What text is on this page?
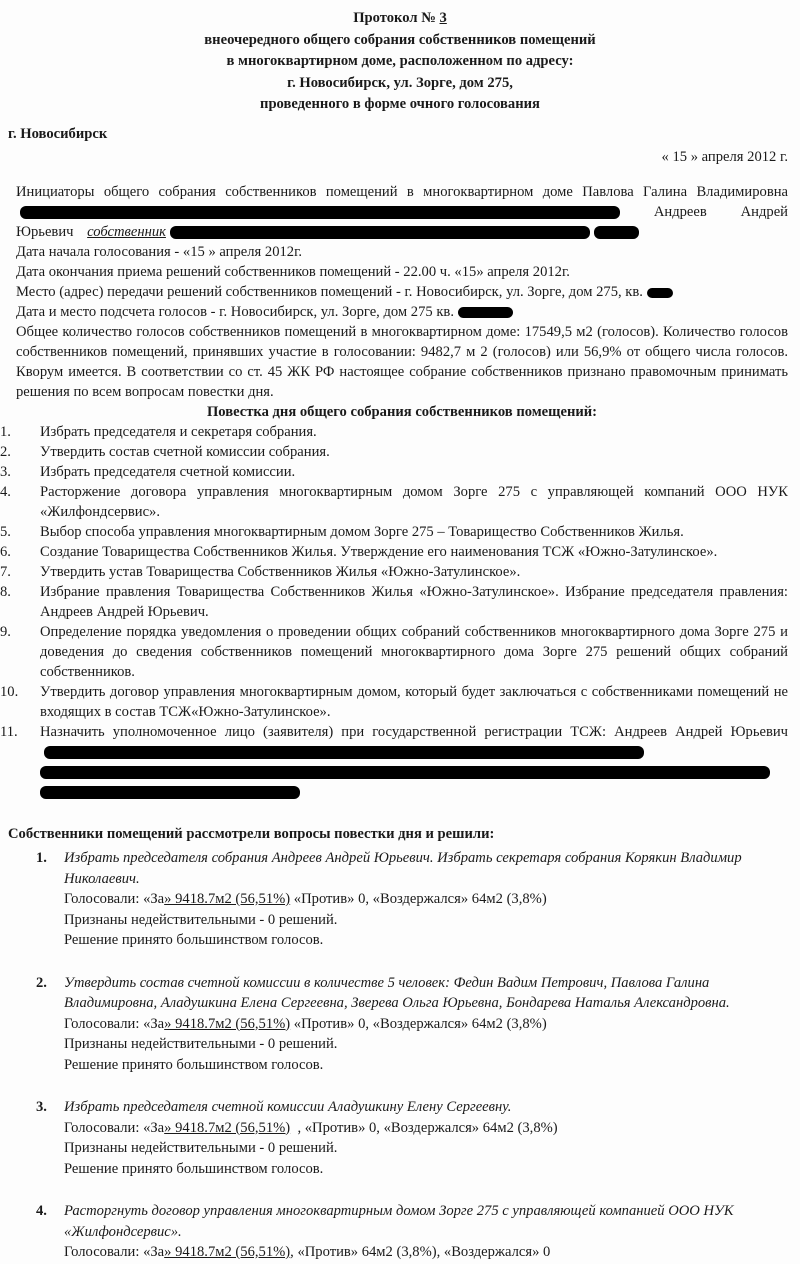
Протокол № 3
внеочередного общего собрания собственников помещений
в многоквартирном доме, расположенном по адресу:
г. Новосибирск, ул. Зорге, дом 275,
проведенного в форме очного голосования
г. Новосибирск
« 15 » апреля 2012 г.
Инициаторы общего собрания собственников помещений в многоквартирном доме Павлова Галина Владимировна Андреев Андрей Юрьевич собственник
Дата начала голосования - «15 » апреля 2012г.
Дата окончания приема решений собственников помещений - 22.00 ч. «15» апреля 2012г.
Место (адрес) передачи решений собственников помещений - г. Новосибирск, ул. Зорге, дом 275, кв.
Дата и место подсчета голосов - г. Новосибирск, ул. Зорге, дом 275 кв.
Общее количество голосов собственников помещений в многоквартирном доме: 17549,5 м2 (голосов). Количество голосов собственников помещений, принявших участие в голосовании: 9482,7 м 2 (голосов) или 56,9% от общего числа голосов. Кворум имеется. В соответствии со ст. 45 ЖК РФ настоящее собрание собственников признано правомочным принимать решения по всем вопросам повестки дня.
Повестка дня общего собрания собственников помещений:
1.	Избрать председателя и секретаря собрания.
2.	Утвердить состав счетной комиссии собрания.
3.	Избрать председателя счетной комиссии.
4.	Расторжение договора управления многоквартирным домом Зорге 275 с управляющей компаний ООО НУК «Жилфондсервис».
5.	Выбор способа управления многоквартирным домом Зорге 275 – Товарищество Собственников Жилья.
6.	Создание Товарищества Собственников Жилья. Утверждение его наименования ТСЖ «Южно-Затулинское».
7.	Утвердить устав Товарищества Собственников Жилья «Южно-Затулинское».
8.	Избрание правления Товарищества Собственников Жилья «Южно-Затулинское». Избрание председателя правления: Андреев Андрей Юрьевич.
9.	Определение порядка уведомления о проведении общих собраний собственников многоквартирного дома Зорге 275 и доведения до сведения собственников помещений многоквартирного дома Зорге 275 решений общих собраний собственников.
10.	Утвердить договор управления многоквартирным домом, который будет заключаться с собственниками помещений не входящих в состав ТСЖ«Южно-Затулинское».
11.	Назначить уполномоченное лицо (заявителя) при государственной регистрации ТСЖ: Андреев Андрей Юрьевич
Собственники помещений рассмотрели вопросы повестки дня и решили:
1. Избрать председателя собрания Андреев Андрей Юрьевич. Избрать секретаря собрания Корякин Владимир Николаевич.
Голосовали: «За» 9418.7м2 (56,51%) «Против» 0, «Воздержался» 64м2 (3,8%)
Признаны недействительными - 0 решений.
Решение принято большинством голосов.
2. Утвердить состав счетной комиссии в количестве 5 человек: Федин Вадим Петрович, Павлова Галина Владимировна, Аладушкина Елена Сергеевна, Зверева Ольга Юрьевна, Бондарева Наталья Александровна.
Голосовали: «За» 9418.7м2 (56,51%) «Против» 0, «Воздержался» 64м2 (3,8%)
Признаны недействительными - 0 решений.
Решение принято большинством голосов.
3. Избрать председателя счетной комиссии Аладушкину Елену Сергеевну.
Голосовали: «За» 9418.7м2 (56,51%)  , «Против» 0, «Воздержался» 64м2 (3,8%)
Признаны недействительными - 0 решений.
Решение принято большинством голосов.
4. Расторгнуть договор управления многоквартирным домом Зорге 275 с управляющей компанией ООО НУК «Жилфондсервис».
Голосовали: «За» 9418.7м2 (56,51%), «Против» 64м2 (3,8%), «Воздержался» 0
